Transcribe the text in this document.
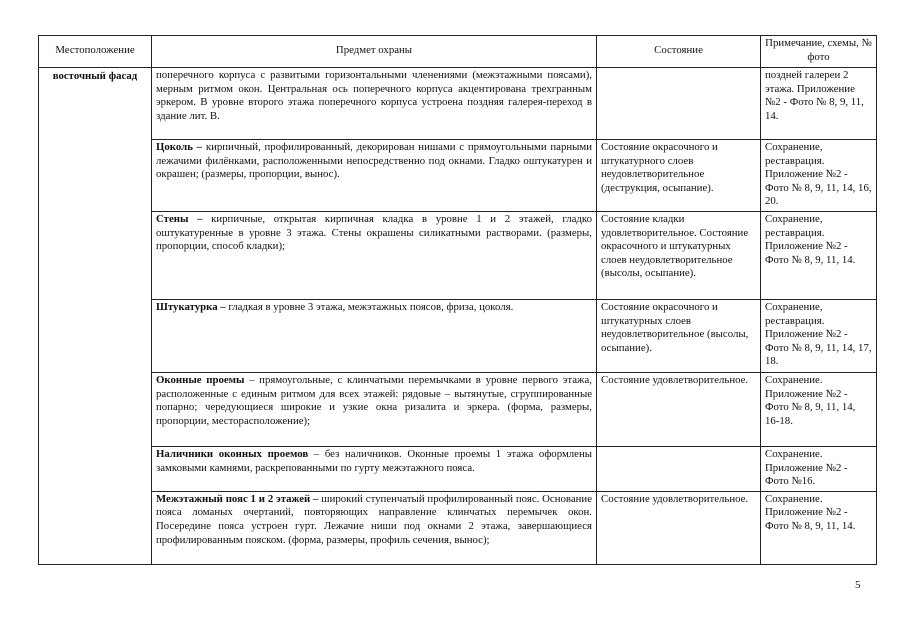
Местоположение	Предмет охраны	Состояние	Примечание, схемы, № фото
восточный фасад	поперечного корпуса с развитыми горизонтальными членениями (межэтажными поясами), мерным ритмом окон. Центральная ось поперечного корпуса акцентирована трехгранным эркером. В уровне второго этажа поперечного корпуса устроена поздняя галерея-переход в здание лит. В.		поздней галереи 2 этажа. Приложение №2 - Фото № 8, 9, 11, 14.
	Цоколь – кирпичный, профилированный, декорирован нишами с прямоугольными парными лежачими филёнками, расположенными непосредственно под окнами. Гладко оштукатурен и окрашен; (размеры, пропорции, вынос).	Состояние окрасочного и штукатурного слоев неудовлетворительное (деструкция, осыпание).	Сохранение, реставрация. Приложение №2 - Фото № 8, 9, 11, 14, 16, 20.
	Стены – кирпичные, открытая кирпичная кладка в уровне 1 и 2 этажей, гладко оштукатуренные в уровне 3 этажа. Стены окрашены силикатными растворами. (размеры, пропорции, способ кладки);	Состояние кладки удовлетворительное. Состояние окрасочного и штукатурных слоев неудовлетворительное (высолы, осыпание).	Сохранение, реставрация. Приложение №2 - Фото № 8, 9, 11, 14.
	Штукатурка – гладкая в уровне 3 этажа, межэтажных поясов, фриза, цоколя.	Состояние окрасочного и штукатурных слоев неудовлетворительное (высолы, осыпание).	Сохранение, реставрация. Приложение №2 - Фото № 8, 9, 11, 14, 17, 18.
	Оконные проемы – прямоугольные, с клинчатыми перемычками в уровне первого этажа, расположенные с единым ритмом для всех этажей: рядовые – вытянутые, сгруппированные попарно; чередующиеся широкие и узкие окна ризалита и эркера. (форма, размеры, пропорции, месторасположение);	Состояние удовлетворительное.	Сохранение. Приложение №2 - Фото № 8, 9, 11, 14, 16-18.
	Наличники оконных проемов – без наличников. Оконные проемы 1 этажа оформлены замковыми камнями, раскрепованными по гурту межэтажного пояса.		Сохранение. Приложение №2 - Фото №16.
	Межэтажный пояс 1 и 2 этажей – широкий ступенчатый профилированный пояс. Основание пояса ломаных очертаний, повторяющих направление клинчатых перемычек окон. Посередине пояса устроен гурт. Лежачие ниши под окнами 2 этажа, завершающиеся профилированным пояском. (форма, размеры, профиль сечения, вынос);	Состояние удовлетворительное.	Сохранение. Приложение №2 - Фото № 8, 9, 11, 14.
5
